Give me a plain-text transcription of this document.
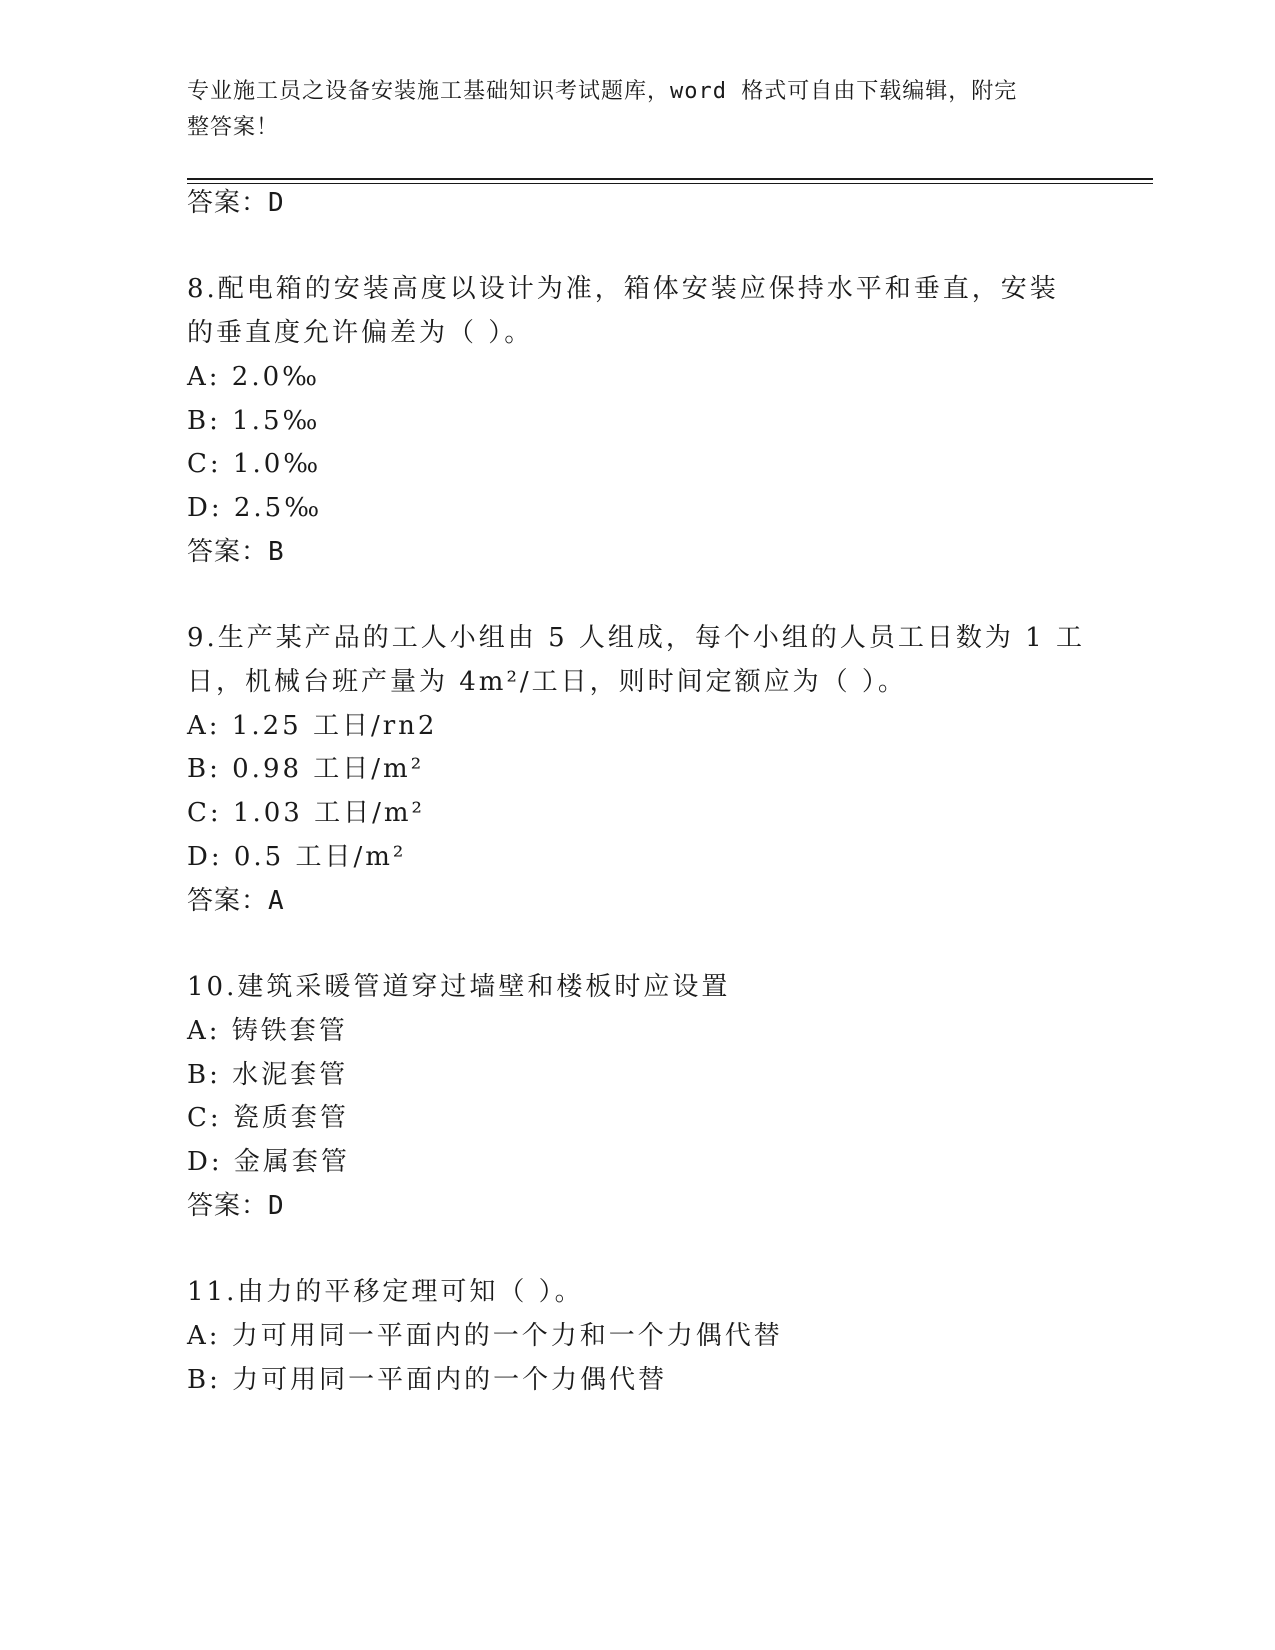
专业施工员之设备安装施工基础知识考试题库，word 格式可自由下载编辑，附完
整答案！
答案：D
8.配电箱的安装高度以设计为准，箱体安装应保持水平和垂直，安装
的垂直度允许偏差为（ ）。
A: 2.0‰
B: 1.5‰
C: 1.0‰
D: 2.5‰
答案：B
9.生产某产品的工人小组由 5 人组成，每个小组的人员工日数为 1 工
日，机械台班产量为 4m²/工日，则时间定额应为（ ）。
A: 1.25 工日/rn2
B: 0.98 工日/m²
C: 1.03 工日/m²
D: 0.5 工日/m²
答案：A
10.建筑采暖管道穿过墙壁和楼板时应设置
A: 铸铁套管
B: 水泥套管
C: 瓷质套管
D: 金属套管
答案：D
11.由力的平移定理可知（ ）。
A: 力可用同一平面内的一个力和一个力偶代替
B: 力可用同一平面内的一个力偶代替
